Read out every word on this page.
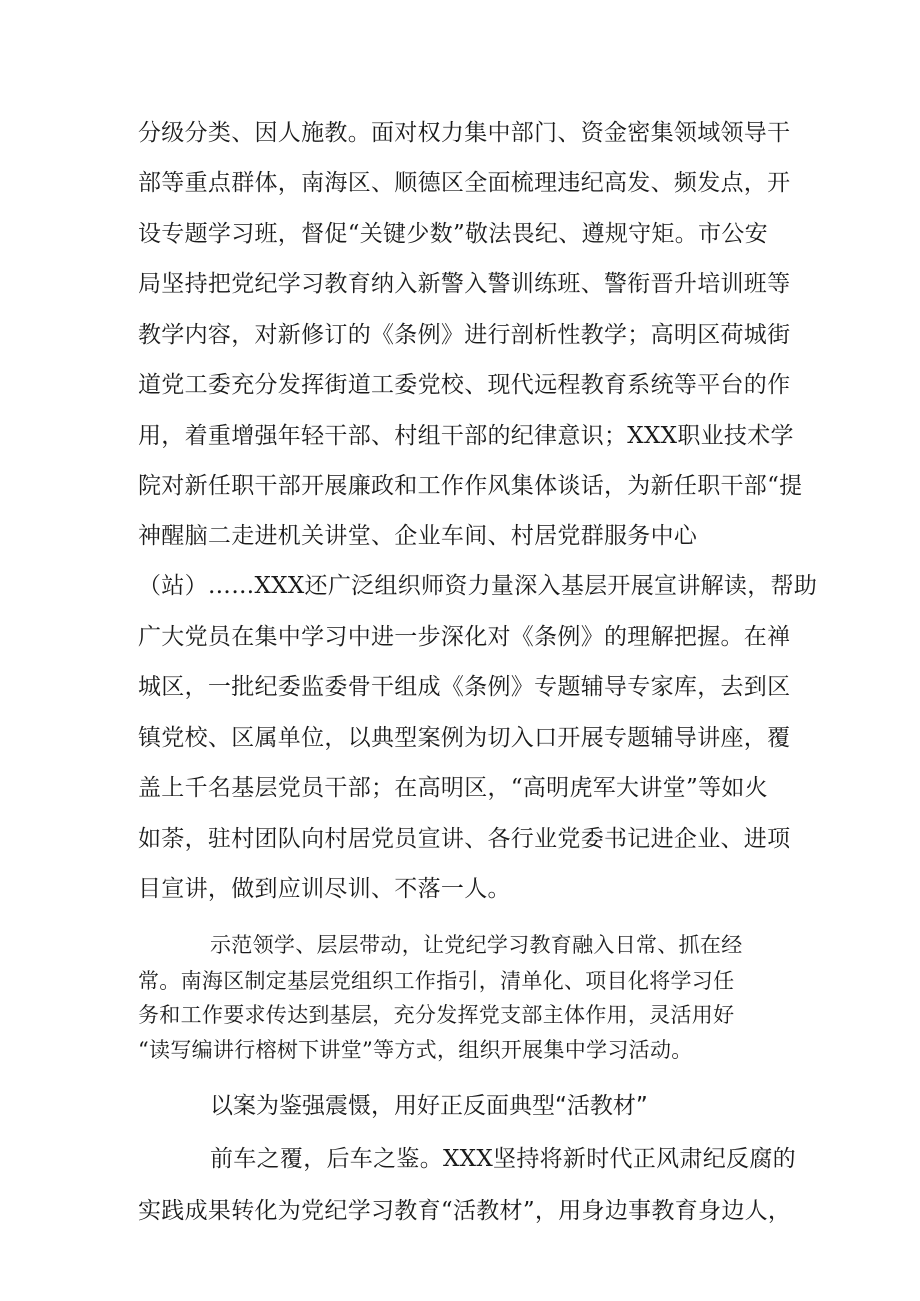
分级分类、因人施教。面对权力集中部门、资金密集领域领导干
部等重点群体，南海区、顺德区全面梳理违纪高发、频发点，开
设专题学习班，督促“关键少数”敬法畏纪、遵规守矩。市公安
局坚持把党纪学习教育纳入新警入警训练班、警衔晋升培训班等
教学内容，对新修订的《条例》进行剖析性教学；高明区荷城街
道党工委充分发挥街道工委党校、现代远程教育系统等平台的作
用，着重增强年轻干部、村组干部的纪律意识；XXX职业技术学
院对新任职干部开展廉政和工作作风集体谈话，为新任职干部“提
神醒脑二走进机关讲堂、企业车间、村居党群服务中心
（站）……XXX还广泛组织师资力量深入基层开展宣讲解读，帮助
广大党员在集中学习中进一步深化对《条例》的理解把握。在禅
城区，一批纪委监委骨干组成《条例》专题辅导专家库，去到区
镇党校、区属单位，以典型案例为切入口开展专题辅导讲座，覆
盖上千名基层党员干部；在高明区，“高明虎军大讲堂”等如火
如荼，驻村团队向村居党员宣讲、各行业党委书记进企业、进项
目宣讲，做到应训尽训、不落一人。
示范领学、层层带动，让党纪学习教育融入日常、抓在经
常。南海区制定基层党组织工作指引，清单化、项目化将学习任
务和工作要求传达到基层，充分发挥党支部主体作用，灵活用好
“读写编讲行榕树下讲堂”等方式，组织开展集中学习活动。
以案为鉴强震慑，用好正反面典型“活教材”
前车之覆，后车之鉴。XXX坚持将新时代正风肃纪反腐的
实践成果转化为党纪学习教育“活教材”，用身边事教育身边人，
